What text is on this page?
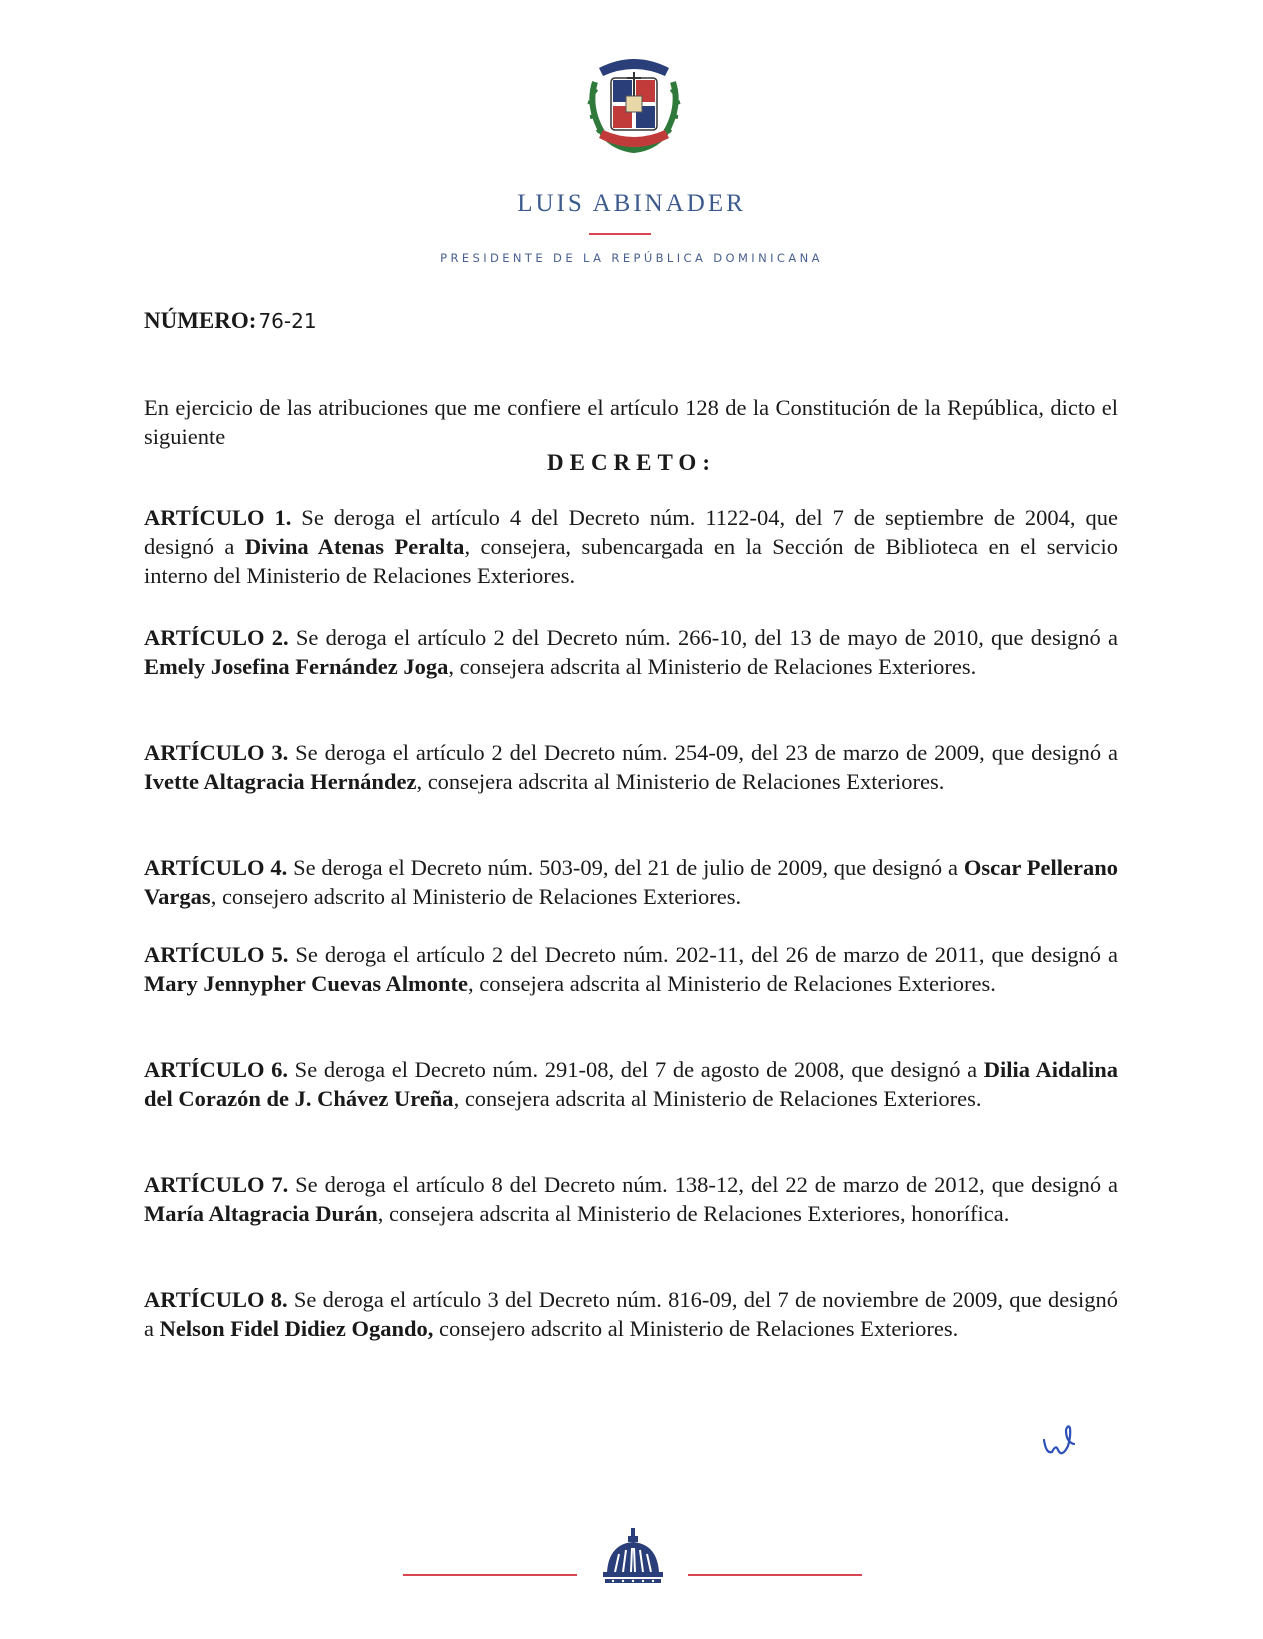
LUIS ABINADER
PRESIDENTE DE LA REPÚBLICA DOMINICANA
NÚMERO: 76-21
En ejercicio de las atribuciones que me confiere el artículo 128 de la Constitución de la República, dicto el siguiente
DECRETO:
ARTÍCULO 1. Se deroga el artículo 4 del Decreto núm. 1122-04, del 7 de septiembre de 2004, que designó a Divina Atenas Peralta, consejera, subencargada en la Sección de Biblioteca en el servicio interno del Ministerio de Relaciones Exteriores.
ARTÍCULO 2. Se deroga el artículo 2 del Decreto núm. 266-10, del 13 de mayo de 2010, que designó a Emely Josefina Fernández Joga, consejera adscrita al Ministerio de Relaciones Exteriores.
ARTÍCULO 3. Se deroga el artículo 2 del Decreto núm. 254-09, del 23 de marzo de 2009, que designó a Ivette Altagracia Hernández, consejera adscrita al Ministerio de Relaciones Exteriores.
ARTÍCULO 4. Se deroga el Decreto núm. 503-09, del 21 de julio de 2009, que designó a Oscar Pellerano Vargas, consejero adscrito al Ministerio de Relaciones Exteriores.
ARTÍCULO 5. Se deroga el artículo 2 del Decreto núm. 202-11, del 26 de marzo de 2011, que designó a Mary Jennypher Cuevas Almonte, consejera adscrita al Ministerio de Relaciones Exteriores.
ARTÍCULO 6. Se deroga el Decreto núm. 291-08, del 7 de agosto de 2008, que designó a Dilia Aidalina del Corazón de J. Chávez Ureña, consejera adscrita al Ministerio de Relaciones Exteriores.
ARTÍCULO 7. Se deroga el artículo 8 del Decreto núm. 138-12, del 22 de marzo de 2012, que designó a María Altagracia Durán, consejera adscrita al Ministerio de Relaciones Exteriores, honorífica.
ARTÍCULO 8. Se deroga el artículo 3 del Decreto núm. 816-09, del 7 de noviembre de 2009, que designó a Nelson Fidel Didiez Ogando, consejero adscrito al Ministerio de Relaciones Exteriores.
